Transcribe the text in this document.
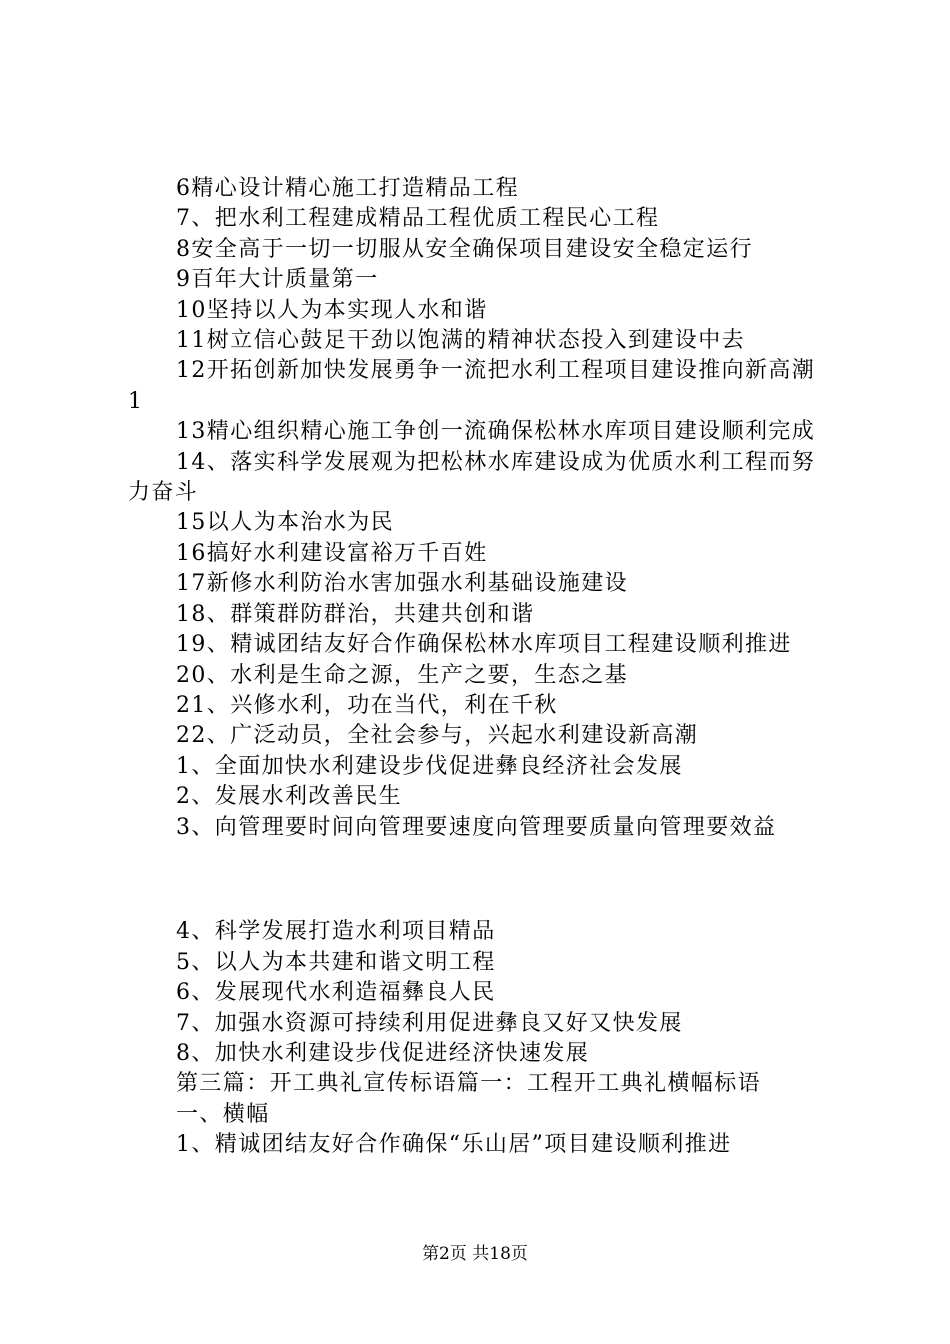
6精心设计精心施工打造精品工程

7、把水利工程建成精品工程优质工程民心工程

8安全高于一切一切服从安全确保项目建设安全稳定运行

9百年大计质量第一

10坚持以人为本实现人水和谐

11树立信心鼓足干劲以饱满的精神状态投入到建设中去

12开拓创新加快发展勇争一流把水利工程项目建设推向新高潮1

13精心组织精心施工争创一流确保松林水库项目建设顺利完成

14、落实科学发展观为把松林水库建设成为优质水利工程而努力奋斗

15以人为本治水为民

16搞好水利建设富裕万千百姓

17新修水利防治水害加强水利基础设施建设

18、群策群防群治，共建共创和谐

19、精诚团结友好合作确保松林水库项目工程建设顺利推进

20、水利是生命之源，生产之要，生态之基

21、兴修水利，功在当代，利在千秋

22、广泛动员，全社会参与，兴起水利建设新高潮

1、全面加快水利建设步伐促进彝良经济社会发展

2、发展水利改善民生

3、向管理要时间向管理要速度向管理要质量向管理要效益

4、科学发展打造水利项目精品

5、以人为本共建和谐文明工程

6、发展现代水利造福彝良人民

7、加强水资源可持续利用促进彝良又好又快发展

8、加快水利建设步伐促进经济快速发展

第三篇：开工典礼宣传标语篇一：工程开工典礼横幅标语

一、横幅

1、精诚团结友好合作确保“乐山居”项目建设顺利推进

第2页 共18页
